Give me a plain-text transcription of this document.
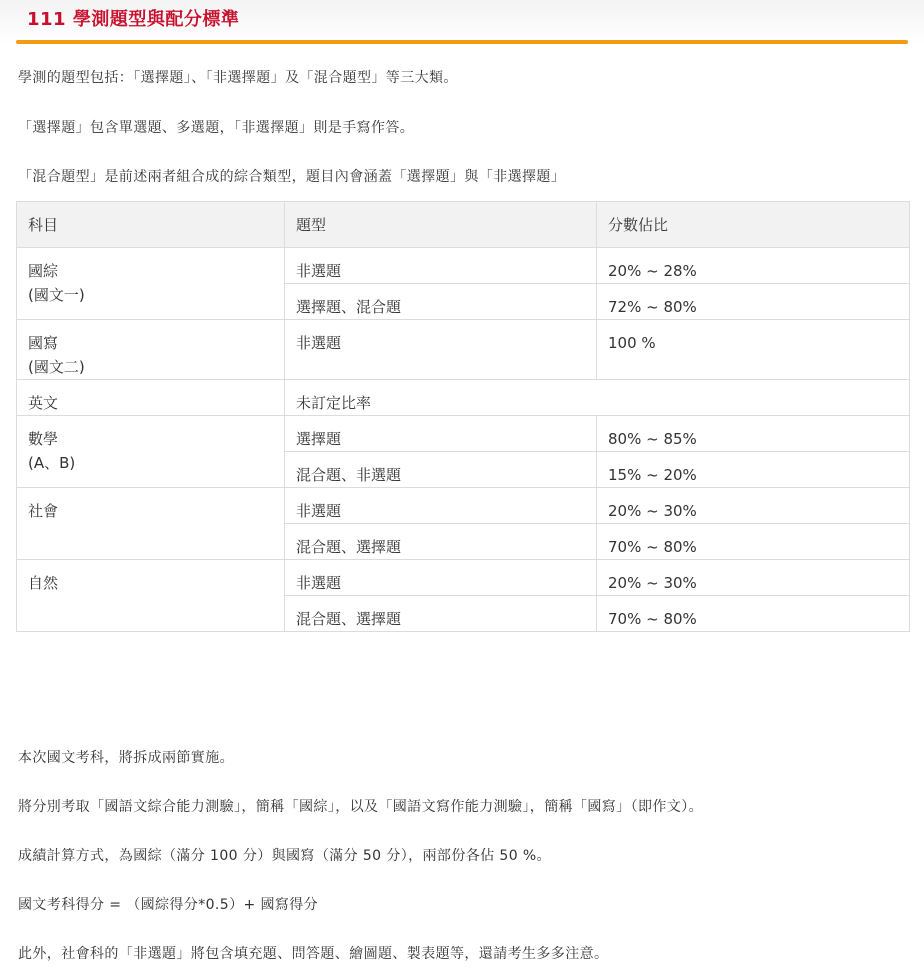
111 學測題型與配分標準
學測的題型包括：「選擇題」、「非選擇題」及「混合題型」等三大類。
「選擇題」包含單選題、多選題，「非選擇題」則是手寫作答。
「混合題型」是前述兩者組合成的綜合類型，題目內會涵蓋「選擇題」與「非選擇題」
科目	題型	分數佔比

國綜
(國文一)	非選題	20% ~ 28%
	選擇題、混合題	72% ~ 80%

國寫
(國文二)	非選題	100 %

英文	未訂定比率	

數學
(A、B)	選擇題	80% ~ 85%
	混合題、非選題	15% ~ 20%

社會	非選題	20% ~ 30%
	混合題、選擇題	70% ~ 80%

自然	非選題	20% ~ 30%
	混合題、選擇題	70% ~ 80%
本次國文考科，將拆成兩節實施。
將分別考取「國語文綜合能力測驗」，簡稱「國綜」，以及「國語文寫作能力測驗」，簡稱「國寫」（即作文）。
成績計算方式，為國綜（滿分 100 分）與國寫（滿分 50 分），兩部份各佔 50 %。
國文考科得分 = （國綜得分*0.5）+ 國寫得分
此外，社會科的「非選題」將包含填充題、問答題、繪圖題、製表題等，還請考生多多注意。
